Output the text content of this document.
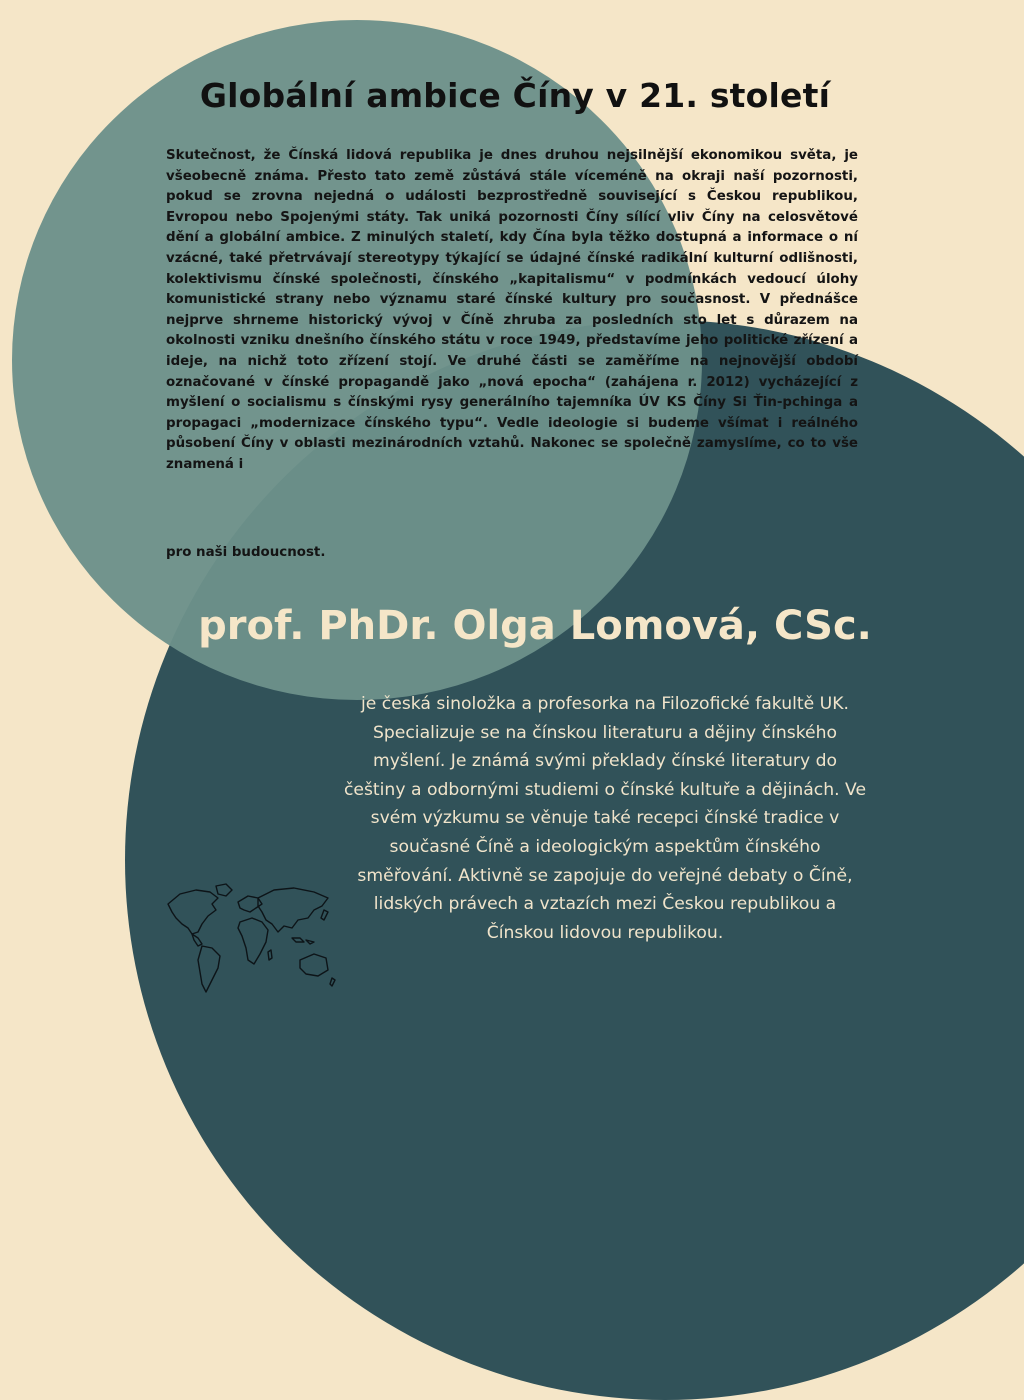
Globální ambice Číny v 21. století

Skutečnost, že Čínská lidová republika je dnes druhou nejsilnější ekonomikou světa, je všeobecně známa. Přesto tato země zůstává stále víceméně na okraji naší pozornosti, pokud se zrovna nejedná o události bezprostředně související s Českou republikou, Evropou nebo Spojenými státy. Tak uniká pozornosti Číny sílící vliv Číny na celosvětové dění a globální ambice. Z minulých staletí, kdy Čína byla těžko dostupná a informace o ní vzácné, také přetrvávají stereotypy týkající se údajné čínské radikální kulturní odlišnosti, kolektivismu čínské společnosti, čínského „kapitalismu“ v podmínkách vedoucí úlohy komunistické strany nebo významu staré čínské kultury pro současnost. V přednášce nejprve shrneme historický vývoj v Číně zhruba za posledních sto let s důrazem na okolnosti vzniku dnešního čínského státu v roce 1949, představíme jeho politické zřízení a ideje, na nichž toto zřízení stojí. Ve druhé části se zaměříme na nejnovější období označované v čínské propagandě jako „nová epocha“ (zahájena r. 2012) vycházející z myšlení o socialismu s čínskými rysy generálního tajemníka ÚV KS Číny Si Ťin-pchinga a propagaci „modernizace čínského typu“. Vedle ideologie si budeme všímat i reálného působení Číny v oblasti mezinárodních vztahů. Nakonec se společně zamyslíme, co to vše znamená i

pro naši budoucnost.

prof. PhDr. Olga Lomová, CSc.

je česká sinoložka a profesorka na Filozofické fakultě UK. Specializuje se na čínskou literaturu a dějiny čínského myšlení. Je známá svými překlady čínské literatury do češtiny a odbornými studiemi o čínské kultuře a dějinách. Ve svém výzkumu se věnuje také recepci čínské tradice v současné Číně a ideologickým aspektům čínského směřování. Aktivně se zapojuje do veřejné debaty o Číně, lidských právech a vztazích mezi Českou republikou a Čínskou lidovou republikou.
